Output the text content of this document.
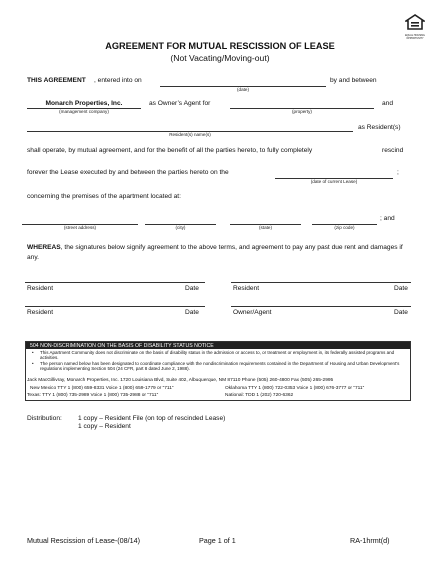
EQUAL HOUSING OPPORTUNITY
AGREEMENT FOR MUTUAL RESCISSION OF LEASE
(Not Vacating/Moving-out)
THIS AGREEMENT , entered into on
(date)
by and between
Monarch Properties, Inc.
(management company)
as Owner’s Agent for
(property)
and
Resident(s) name(s)
as Resident(s)
shall operate, by mutual agreement, and for the benefit of all the parties hereto, to fully completely	rescind
forever the Lease executed by and between the parties hereto on the
(date of current Lease)
;
concerning the premises of the apartment located at:
(street address)	(city)	(state)	(zip code)
; and
WHEREAS, the signatures below signify agreement to the above terms, and agreement to pay any past due rent and damages if any.
Resident	Date	Resident	Date
Resident	Date	Owner/Agent	Date
504 NON-DISCRIMINATION ON THE BASIS OF DISABILITY STATUS NOTICE
• This Apartment Community does not discriminate on the basis of disability status in the admission or access to, or treatment or employment in, its federally assisted programs and activities.
• The person named below has been designated to coordinate compliance with the nondiscrimination requirements contained in the Department of Housing and Urban Development’s regulations implementing Section 504 (24 CFR, part 8 dated June 2, 1988).
Jack MacGillivray, Monarch Properties, Inc. 1720 Louisiana Blvd, Suite 402, Albuquerque, NM 87110 Phone (505) 260-4800 Fax (505) 265-2995
New Mexico TTY 1 (800) 659-8331 Voice 1 (800) 659-1779 or “711”	Oklahoma TTY 1 (800) 722-0353 Voice 1 (800) 676-3777 or “711”
Texas: TTY 1 (800) 735-2989 Voice 1 (800) 735-2988 or “711”	National: TDD 1 (202) 720-6362
Distribution: 1 copy – Resident File (on top of rescinded Lease)
1 copy – Resident
Mutual Rescission of Lease-(08/14)	Page 1 of 1	RA-1hrmt(d)
